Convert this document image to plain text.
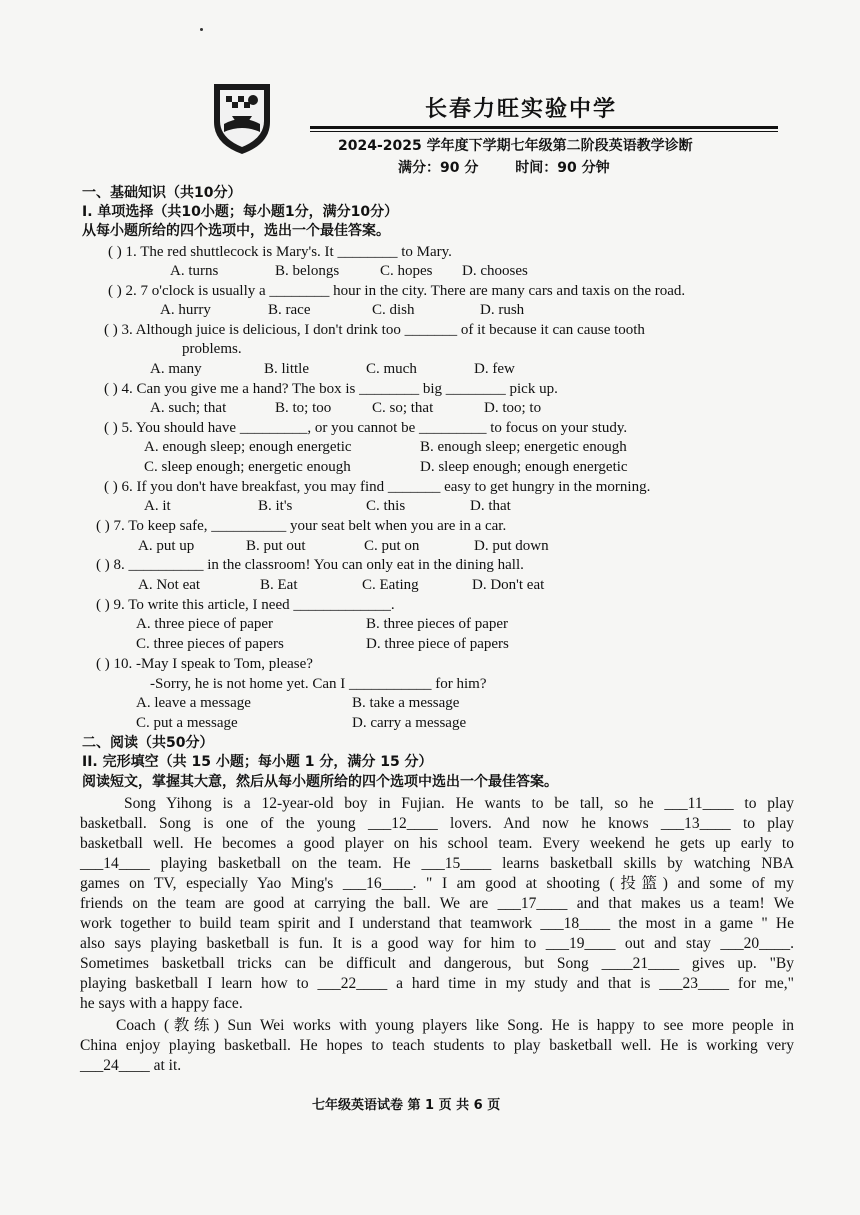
长春力旺实验中学
2024-2025 学年度下学期七年级第二阶段英语教学诊断
满分：90 分	时间：90 分钟
一、基础知识（共10分）
I. 单项选择（共10小题；每小题1分，满分10分）
从每小题所给的四个选项中，选出一个最佳答案。
( ) 1. The red shuttlecock is Mary's. It ________ to Mary.
A. turns	B. belongs	C. hopes D. chooses
( ) 2. 7 o'clock is usually a ________ hour in the city. There are many cars and taxis on the road.
A. hurry	B. race	C. dish	D. rush
( ) 3. Although juice is delicious, I don't drink too _______ of it because it can cause tooth
problems.
A. many	B. little	C. much	D. few
( ) 4. Can you give me a hand? The box is ________ big ________ pick up.
A. such; that	B. to; too	C. so; that	D. too; to
( ) 5. You should have _________, or you cannot be _________ to focus on your study.
A. enough sleep; enough energetic	B. enough sleep; energetic enough
C. sleep enough; energetic enough	D. sleep enough; enough energetic
( ) 6. If you don't have breakfast, you may find _______ easy to get hungry in the morning.
A. it	B. it's	C. this	D. that
( ) 7. To keep safe, __________ your seat belt when you are in a car.
A. put up	B. put out	C. put on	D. put down
( ) 8. __________ in the classroom! You can only eat in the dining hall.
A. Not eat	B. Eat	C. Eating	D. Don't eat
( ) 9. To write this article, I need _____________.
A. three piece of paper	B. three pieces of paper
C. three pieces of papers	D. three piece of papers
( ) 10. -May I speak to Tom, please?
-Sorry, he is not home yet. Can I ___________ for him?
A. leave a message	B. take a message
C. put a message	D. carry a message
二、阅读（共50分）
II. 完形填空（共 15 小题；每小题 1 分，满分 15 分）
阅读短文，掌握其大意，然后从每小题所给的四个选项中选出一个最佳答案。
Song Yihong is a 12-year-old boy in Fujian. He wants to be tall, so he ___11____ to play
basketball. Song is one of the young ___12____ lovers. And now he knows ___13____ to play
basketball well. He becomes a good player on his school team. Every weekend he gets up early to
___14____ playing basketball on the team. He ___15____ learns basketball skills by watching NBA
games on TV, especially Yao Ming's ___16____. " I am good at shooting (投篮) and some of my
friends on the team are good at carrying the ball. We are ___17____ and that makes us a team! We
work together to build team spirit and I understand that teamwork ___18____ the most in a game " He
also says playing basketball is fun. It is a good way for him to ___19____ out and stay ___20____.
Sometimes basketball tricks can be difficult and dangerous, but Song ____21____ gives up. "By
playing basketball I learn how to ___22____ a hard time in my study and that is ___23____ for me,"
he says with a happy face.
Coach (教练) Sun Wei works with young players like Song. He is happy to see more people in
China enjoy playing basketball. He hopes to teach students to play basketball well. He is working very
___24____ at it.
七年级英语试卷 第 1 页 共 6 页
